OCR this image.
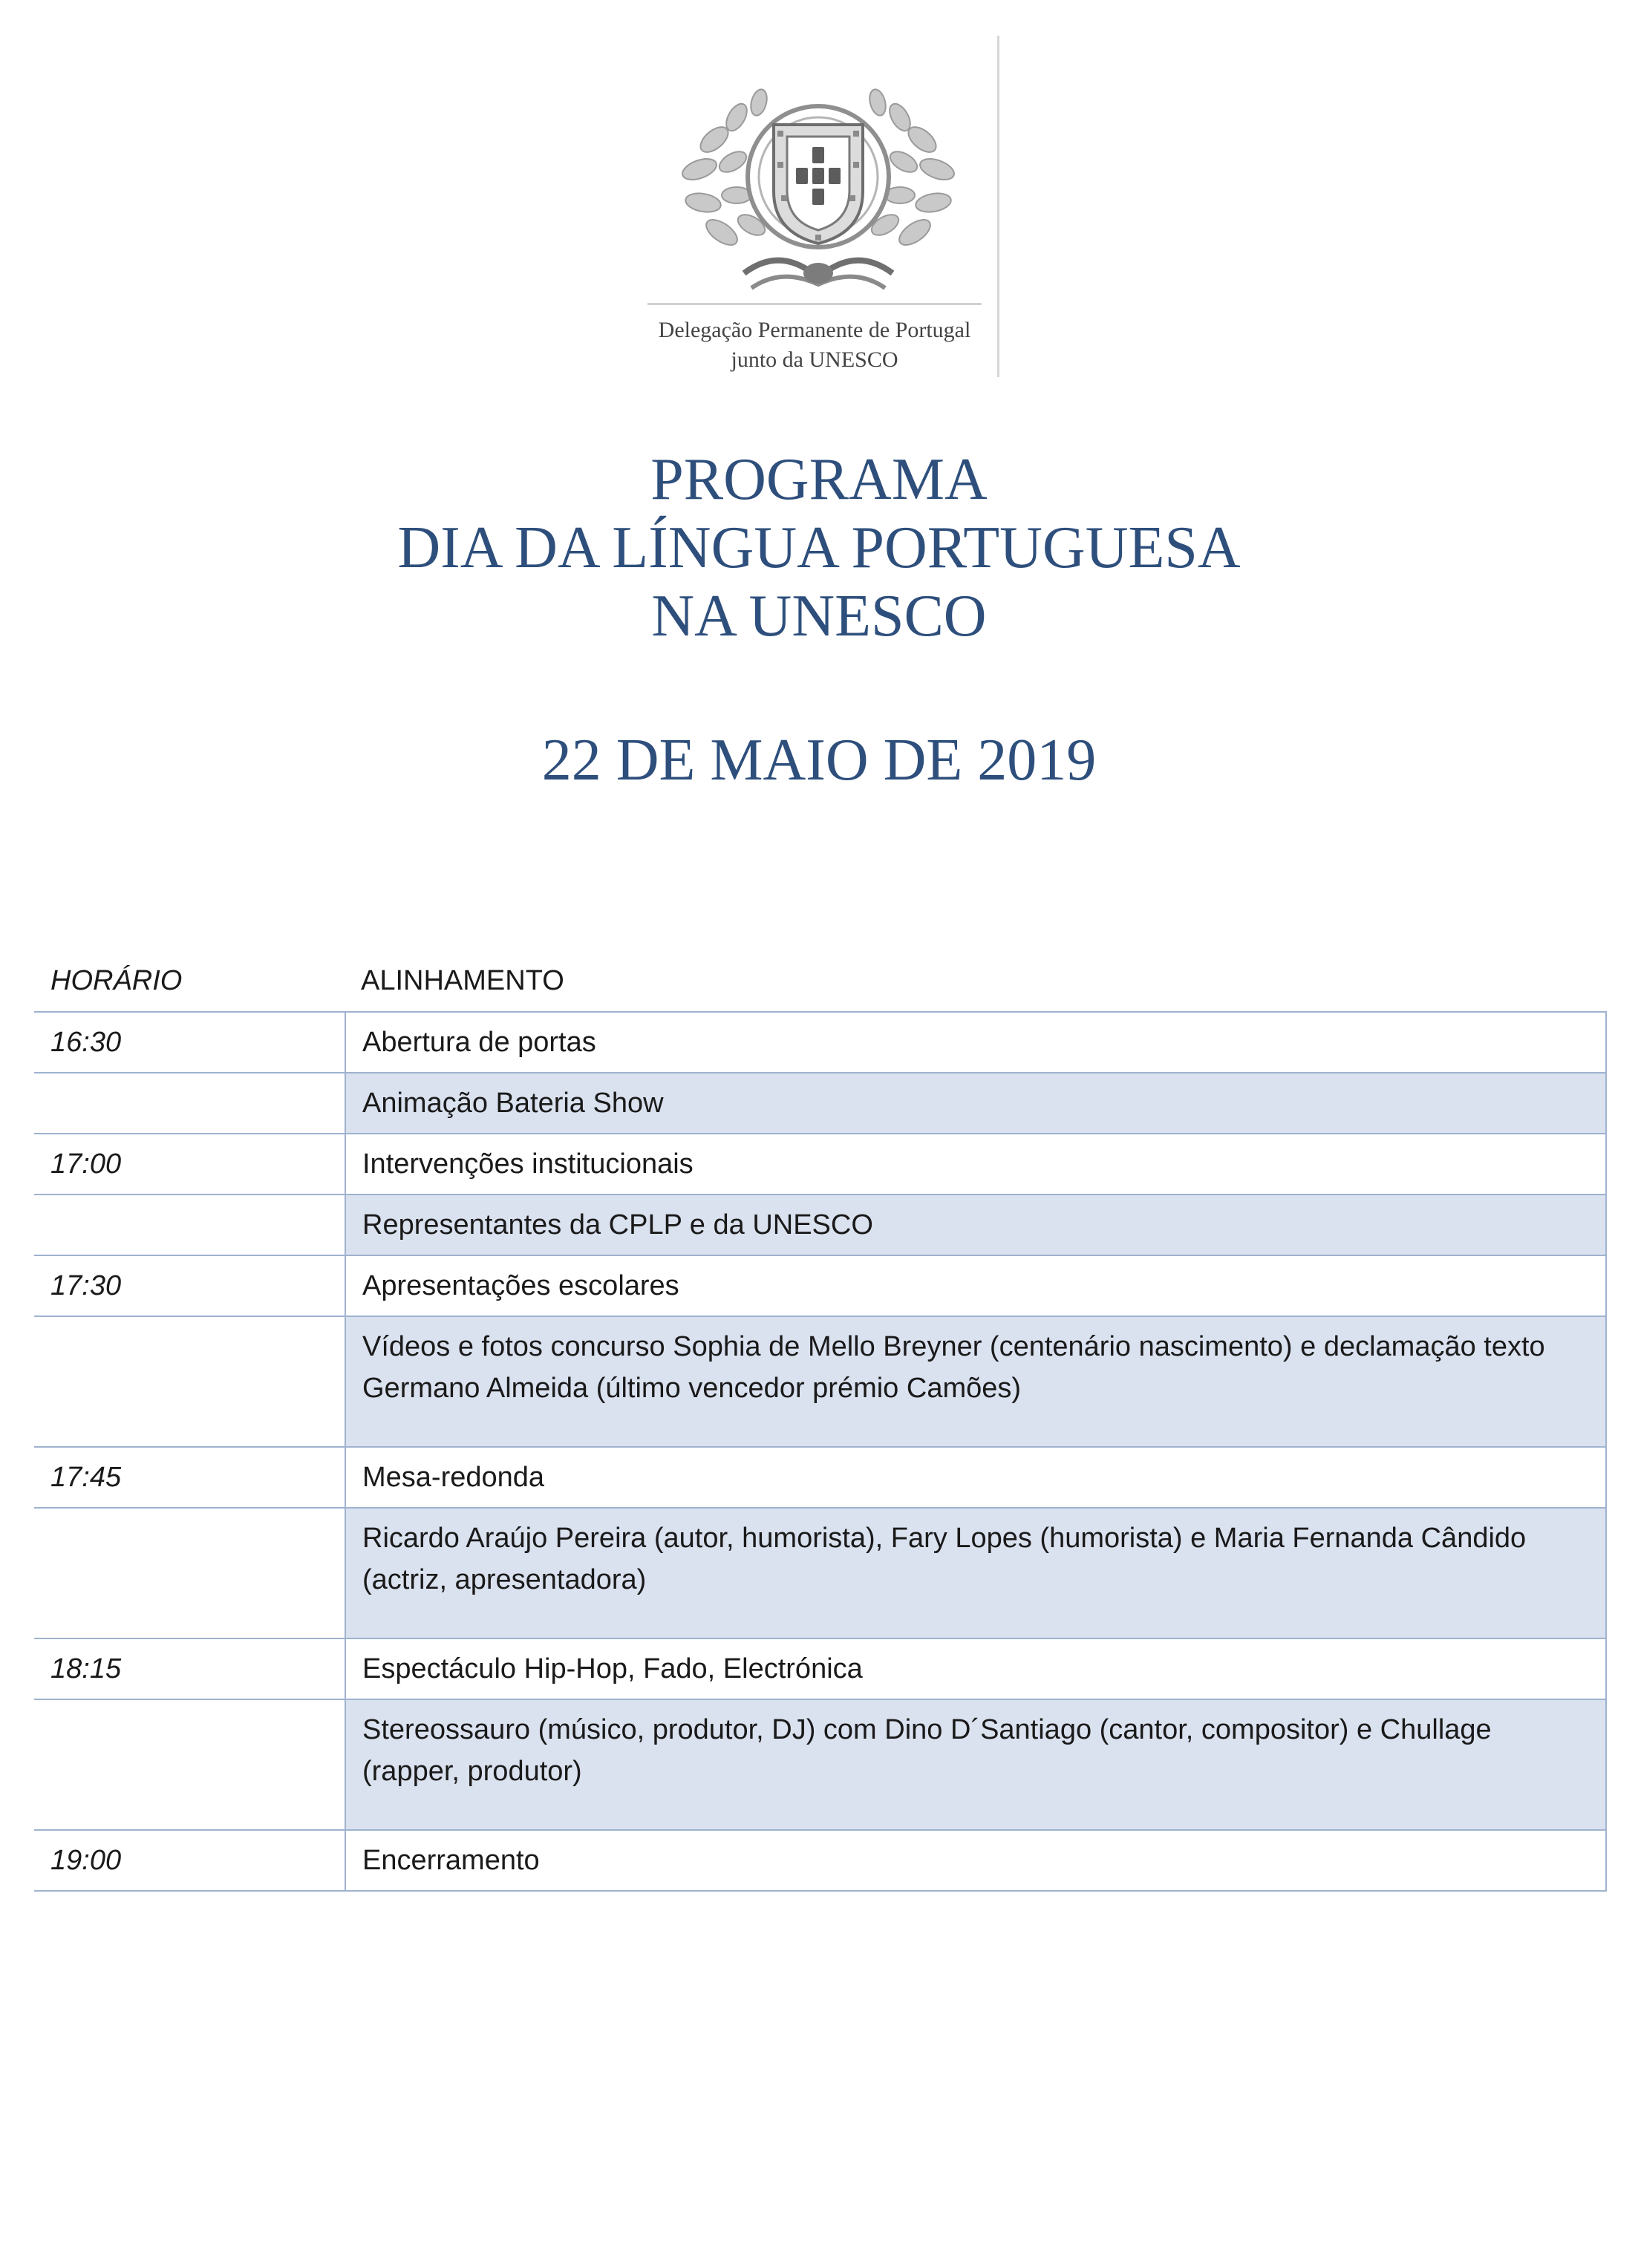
Delegação Permanente de Portugal
junto da UNESCO
PROGRAMA
DIA DA LÍNGUA PORTUGUESA
NA UNESCO
22 DE MAIO DE 2019
HORÁRIO	ALINHAMENTO
16:30	Abertura de portas
Animação Bateria Show
17:00	Intervenções institucionais
Representantes da CPLP e da UNESCO
17:30	Apresentações escolares
Vídeos e fotos concurso Sophia de Mello Breyner (centenário nascimento) e declamação texto Germano Almeida (último vencedor prémio Camões)
17:45	Mesa-redonda
Ricardo Araújo Pereira (autor, humorista), Fary Lopes (humorista) e Maria Fernanda Cândido (actriz, apresentadora)
18:15	Espectáculo Hip-Hop, Fado, Electrónica
Stereossauro (músico, produtor, DJ) com Dino D´Santiago (cantor, compositor) e Chullage (rapper, produtor)
19:00	Encerramento
